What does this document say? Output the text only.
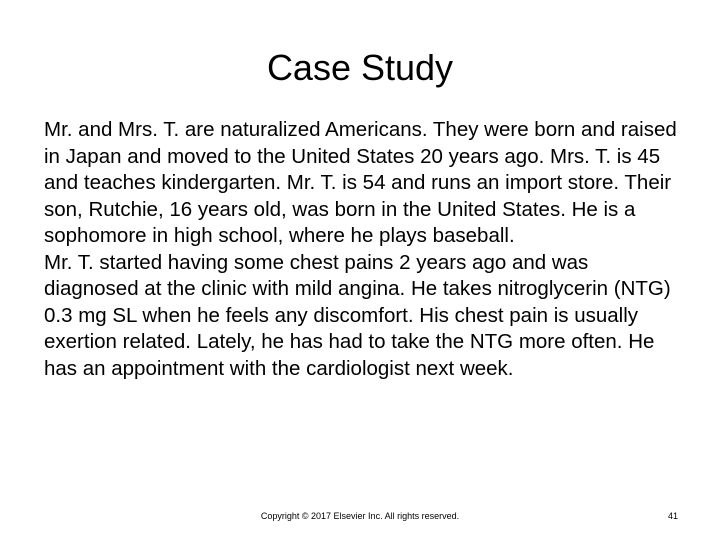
Case Study

Mr. and Mrs. T. are naturalized Americans. They were born and raised in Japan and moved to the United States 20 years ago. Mrs. T. is 45 and teaches kindergarten. Mr. T. is 54 and runs an import store. Their son, Rutchie, 16 years old, was born in the United States. He is a sophomore in high school, where he plays baseball.

Mr. T. started having some chest pains 2 years ago and was diagnosed at the clinic with mild angina. He takes nitroglycerin (NTG) 0.3 mg SL when he feels any discomfort. His chest pain is usually exertion related. Lately, he has had to take the NTG more often. He has an appointment with the cardiologist next week.

Copyright © 2017 Elsevier Inc. All rights reserved.	41
